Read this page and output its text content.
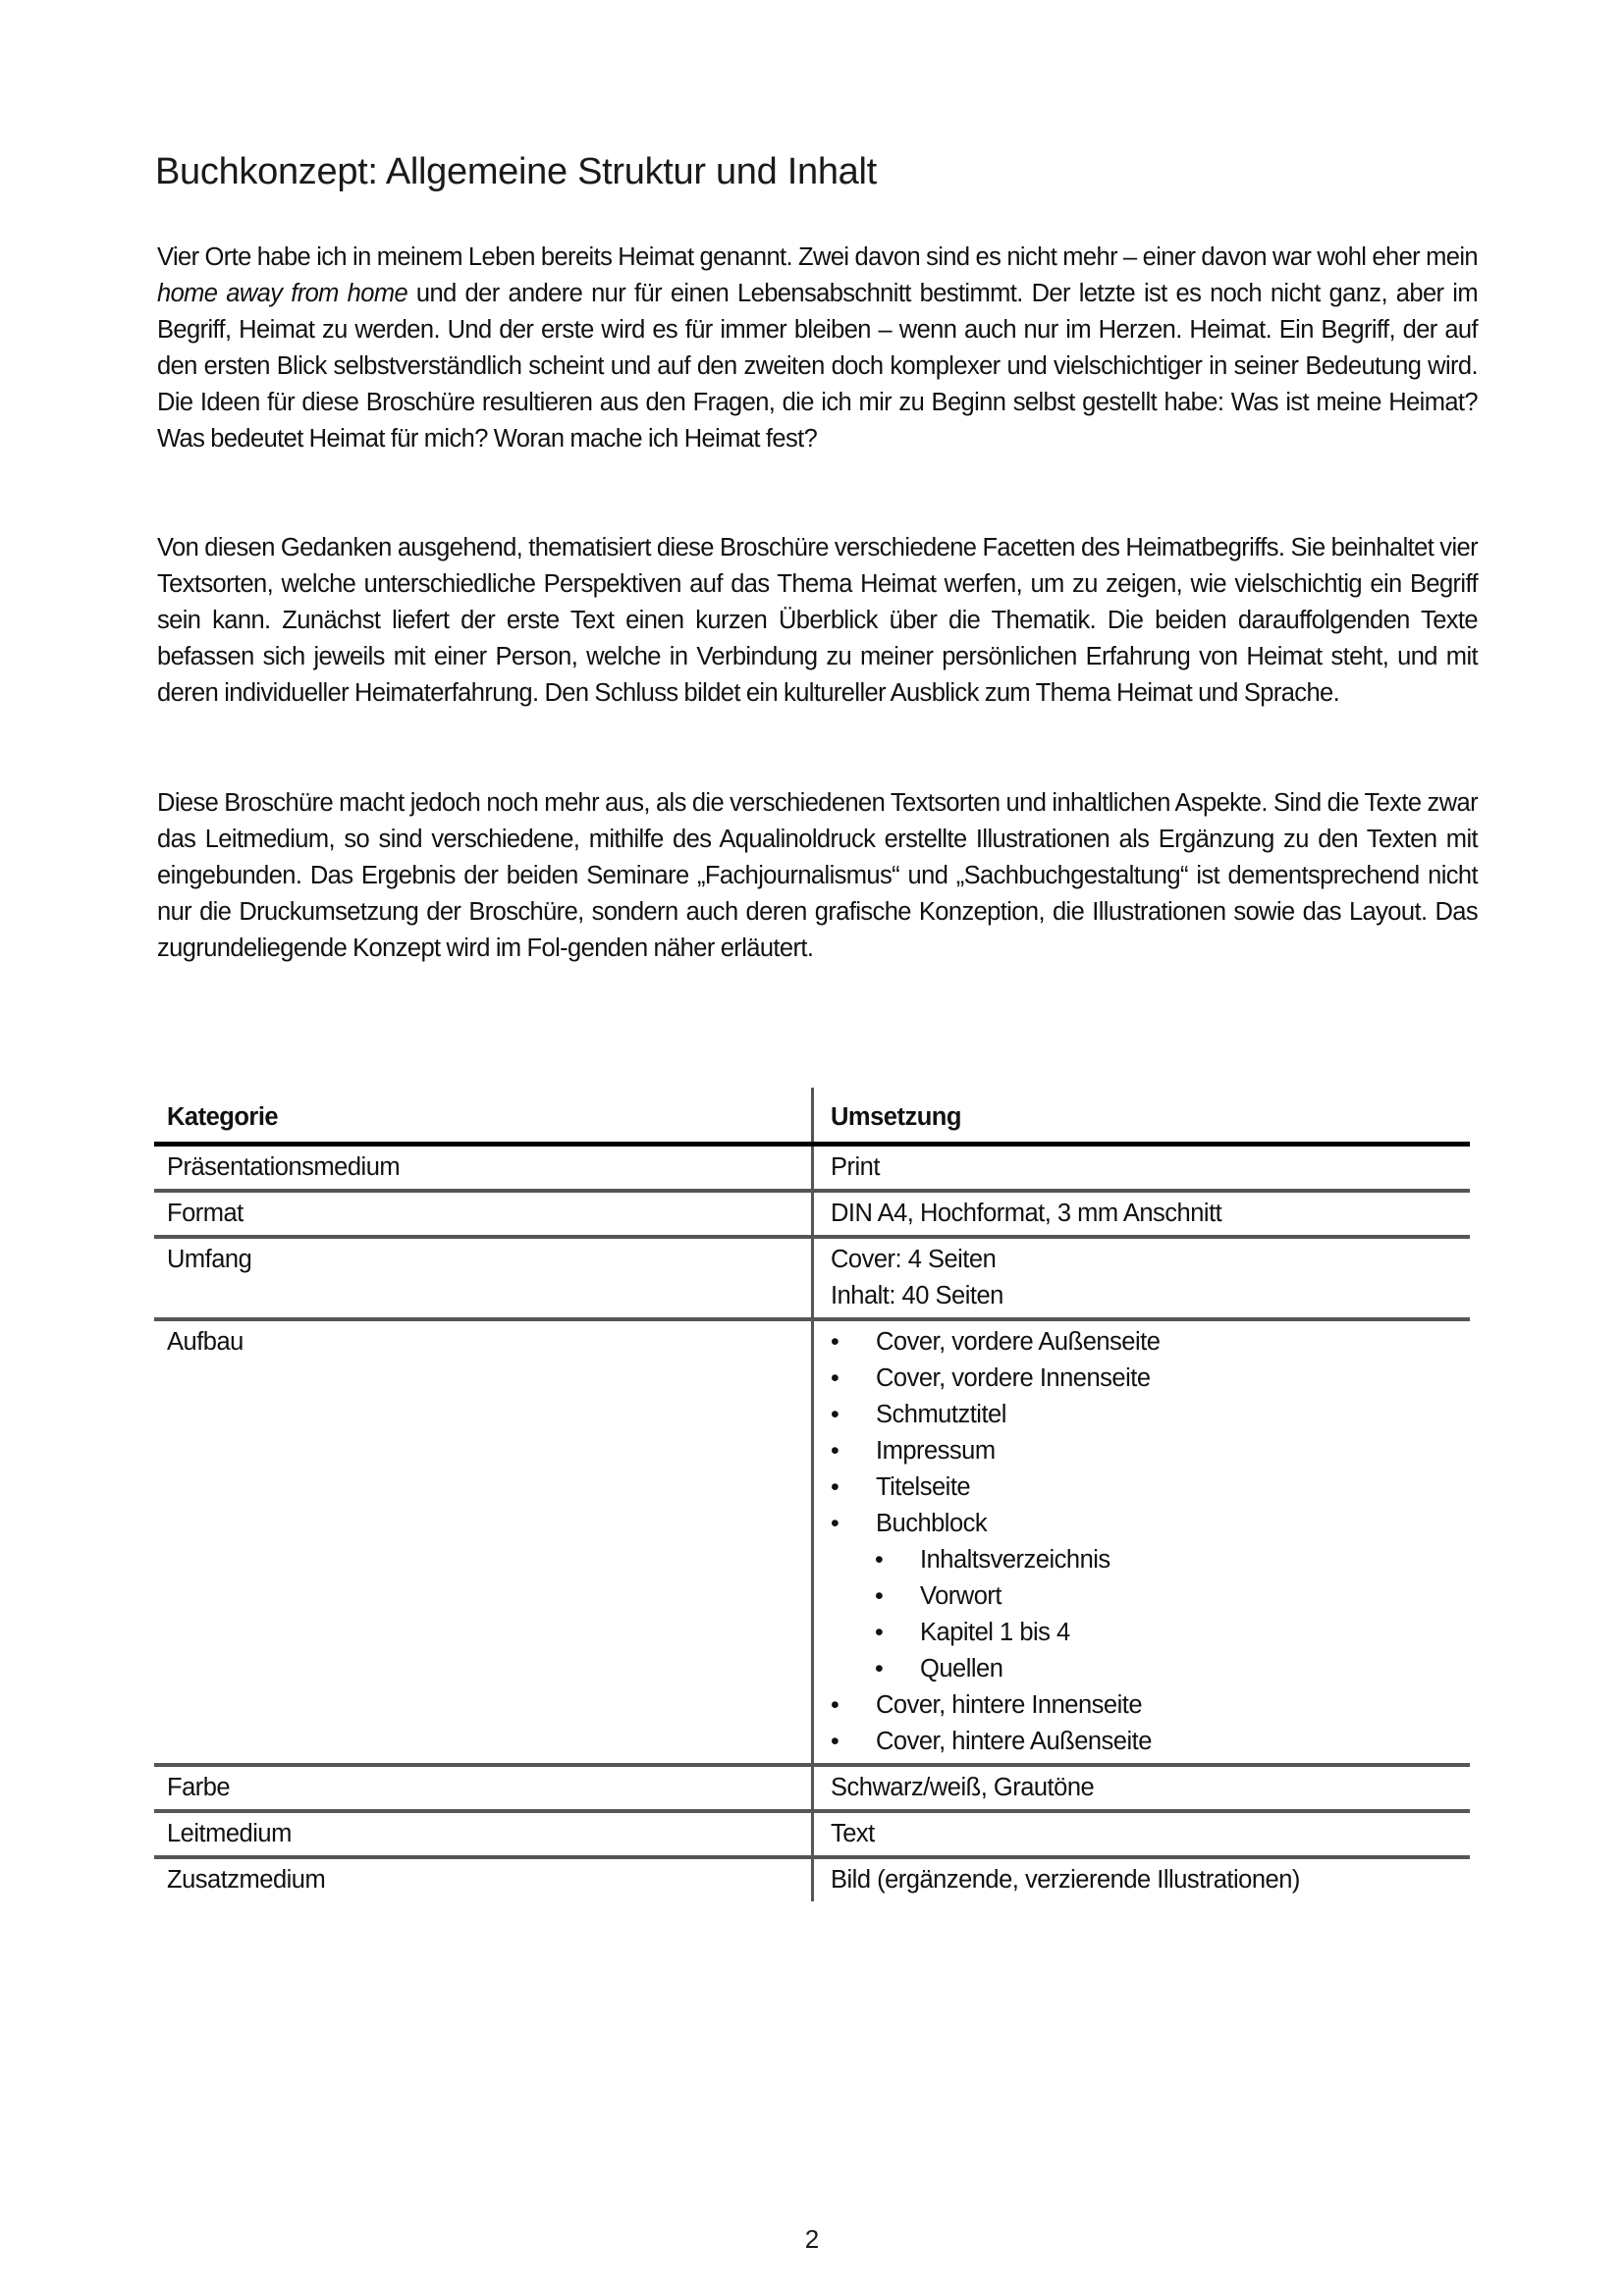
Buchkonzept: Allgemeine Struktur und Inhalt

Vier Orte habe ich in meinem Leben bereits Heimat genannt. Zwei davon sind es nicht mehr – einer davon war wohl eher mein home away from home und der andere nur für einen Lebensabschnitt bestimmt. Der letzte ist es noch nicht ganz, aber im Begriff, Heimat zu werden. Und der erste wird es für immer bleiben – wenn auch nur im Herzen. Heimat. Ein Begriff, der auf den ersten Blick selbstverständlich scheint und auf den zweiten doch komplexer und vielschichtiger in seiner Bedeutung wird. Die Ideen für diese Broschüre resultieren aus den Fragen, die ich mir zu Beginn selbst gestellt habe: Was ist meine Heimat? Was bedeutet Heimat für mich? Woran mache ich Heimat fest?

Von diesen Gedanken ausgehend, thematisiert diese Broschüre verschiedene Facetten des Heimatbegriffs. Sie beinhaltet vier Textsorten, welche unterschiedliche Perspektiven auf das Thema Heimat werfen, um zu zeigen, wie vielschichtig ein Begriff sein kann. Zunächst liefert der erste Text einen kurzen Überblick über die Thematik. Die beiden darauffolgenden Texte befassen sich jeweils mit einer Person, welche in Verbindung zu meiner persönlichen Erfahrung von Heimat steht, und mit deren individueller Heimaterfahrung. Den Schluss bildet ein kultureller Ausblick zum Thema Heimat und Sprache.

Diese Broschüre macht jedoch noch mehr aus, als die verschiedenen Textsorten und inhaltlichen Aspekte. Sind die Texte zwar das Leitmedium, so sind verschiedene, mithilfe des Aqualinoldruck erstellte Illustrationen als Ergänzung zu den Texten mit eingebunden. Das Ergebnis der beiden Seminare „Fachjournalismus“ und „Sachbuchgestaltung“ ist dementsprechend nicht nur die Druckumsetzung der Broschüre, sondern auch deren grafische Konzeption, die Illustrationen sowie das Layout. Das zugrundeliegende Konzept wird im Fol-genden näher erläutert.

Kategorie	Umsetzung
Präsentationsmedium	Print
Format	DIN A4, Hochformat, 3 mm Anschnitt
Umfang	Cover: 4 Seiten
Inhalt: 40 Seiten
Aufbau	• Cover, vordere Außenseite
• Cover, vordere Innenseite
• Schmutztitel
• Impressum
• Titelseite
• Buchblock
• Inhaltsverzeichnis
• Vorwort
• Kapitel 1 bis 4
• Quellen
• Cover, hintere Innenseite
• Cover, hintere Außenseite
Farbe	Schwarz/weiß, Grautöne
Leitmedium	Text
Zusatzmedium	Bild (ergänzende, verzierende Illustrationen)
2
